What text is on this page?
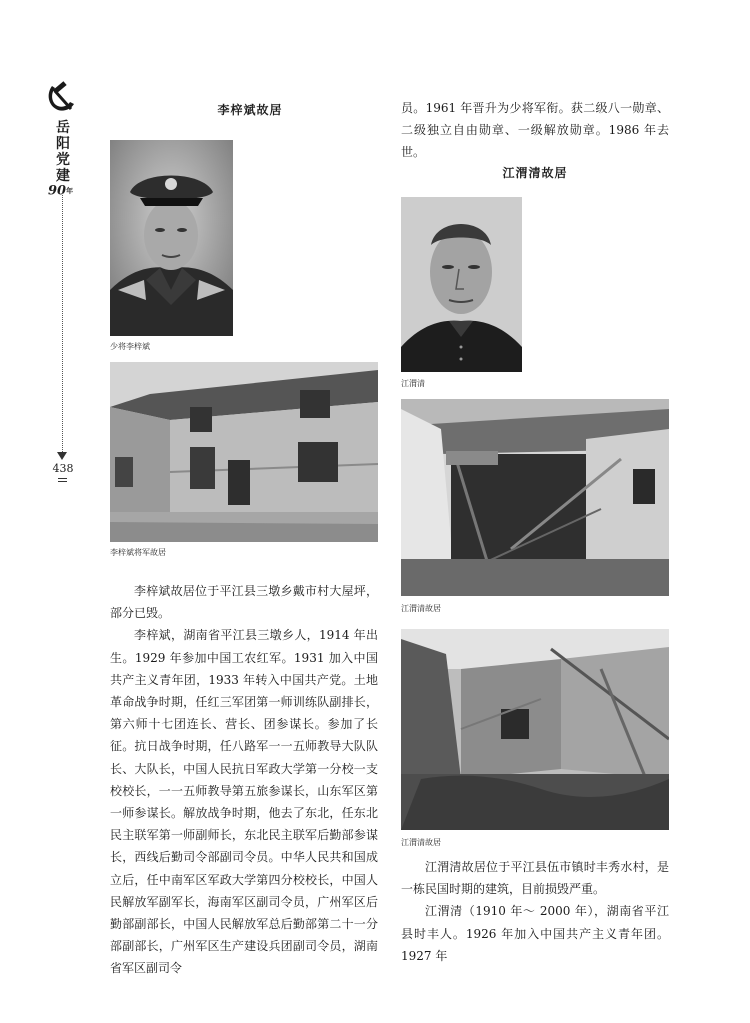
岳
阳
党
建
90年
438
李梓斌故居
少将李梓斌
李梓斌将军故居

李梓斌故居位于平江县三墩乡戴市村大屋坪，部分已毁。

李梓斌，湖南省平江县三墩乡人，1914 年出生。1929 年参加中国工农红军。1931 加入中国共产主义青年团，1933 年转入中国共产党。土地革命战争时期，任红三军团第一师训练队副排长，第六师十七团连长、营长、团参谋长。参加了长征。抗日战争时期，任八路军一一五师教导大队队长、大队长，中国人民抗日军政大学第一分校一支校校长，一一五师教导第五旅参谋长，山东军区第一师参谋长。解放战争时期，他去了东北，任东北民主联军第一师副师长，东北民主联军后勤部参谋长，西线后勤司令部副司令员。中华人民共和国成立后，任中南军区军政大学第四分校校长，中国人民解放军副军长，海南军区副司令员，广州军区后勤部副部长，中国人民解放军总后勤部第二十一分部副部长，广州军区生产建设兵团副司令员，湖南省军区副司令

员。1961 年晋升为少将军衔。获二级八一勋章、二级独立自由勋章、一级解放勋章。1986 年去世。

江渭清故居
江渭清
江渭清故居
江渭清故居

江渭清故居位于平江县伍市镇时丰秀水村，是一栋民国时期的建筑，目前损毁严重。

江渭清（1910 年～ 2000 年），湖南省平江县时丰人。1926 年加入中国共产主义青年团。1927 年
